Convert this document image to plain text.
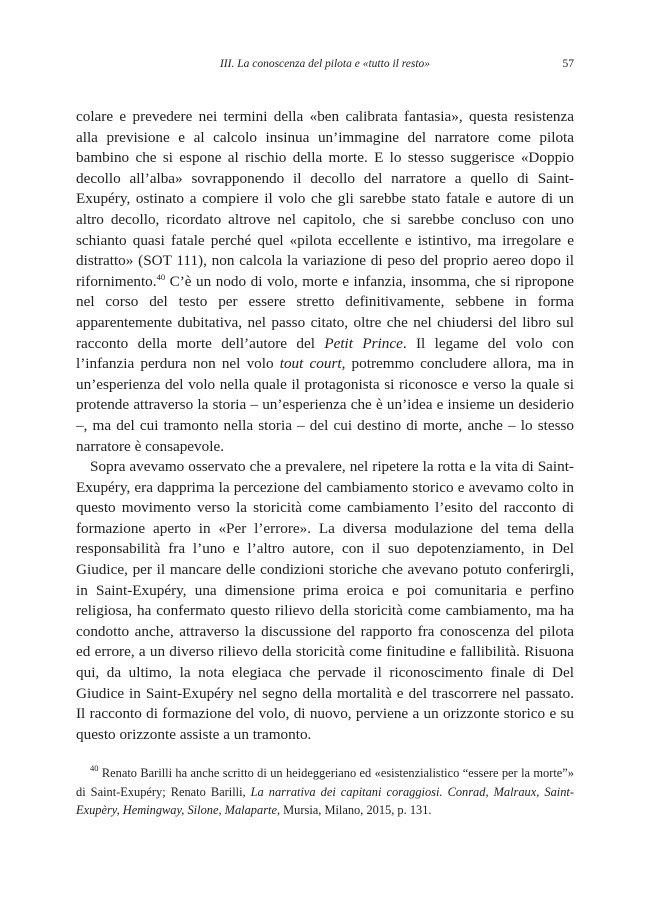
III. La conoscenza del pilota e «tutto il resto»	57

colare e prevedere nei termini della «ben calibrata fantasia», questa resistenza alla previsione e al calcolo insinua un’immagine del narratore come pilota bambino che si espone al rischio della morte. E lo stesso suggerisce «Doppio decollo all’alba» sovrapponendo il decollo del narratore a quello di Saint-Exupéry, ostinato a compiere il volo che gli sarebbe stato fatale e autore di un altro decollo, ricordato altrove nel capitolo, che si sarebbe concluso con uno schianto quasi fatale perché quel «pilota eccellente e istintivo, ma irregolare e distratto» (SOT 111), non calcola la variazione di peso del proprio aereo dopo il rifornimento.$^{40}$ C’è un nodo di volo, morte e infanzia, insomma, che si ripropone nel corso del testo per essere stretto definitivamente, sebbene in forma apparentemente dubitativa, nel passo citato, oltre che nel chiudersi del libro sul racconto della morte dell’autore del Petit Prince. Il legame del volo con l’infanzia perdura non nel volo tout court, potremmo concludere allora, ma in un’esperienza del volo nella quale il protagonista si riconosce e verso la quale si protende attraverso la storia – un’esperienza che è un’idea e insieme un desiderio –, ma del cui tramonto nella storia – del cui destino di morte, anche – lo stesso narratore è consapevole.

Sopra avevamo osservato che a prevalere, nel ripetere la rotta e la vita di Saint-Exupéry, era dapprima la percezione del cambiamento storico e avevamo colto in questo movimento verso la storicità come cambiamento l’esito del racconto di formazione aperto in «Per l’errore». La diversa modulazione del tema della responsabilità fra l’uno e l’altro autore, con il suo depotenziamento, in Del Giudice, per il mancare delle condizioni storiche che avevano potuto conferirgli, in Saint-Exupéry, una dimensione prima eroica e poi comunitaria e perfino religiosa, ha confermato questo rilievo della storicità come cambiamento, ma ha condotto anche, attraverso la discussione del rapporto fra conoscenza del pilota ed errore, a un diverso rilievo della storicità come finitudine e fallibilità. Risuona qui, da ultimo, la nota elegiaca che pervade il riconoscimento finale di Del Giudice in Saint-Exupéry nel segno della mortalità e del trascorrere nel passato. Il racconto di formazione del volo, di nuovo, perviene a un orizzonte storico e su questo orizzonte assiste a un tramonto.

$^{40}$ Renato Barilli ha anche scritto di un heideggeriano ed «esistenzialistico “essere per la morte”» di Saint-Exupéry; Renato Barilli, La narrativa dei capitani coraggiosi. Conrad, Malraux, Saint-Exupèry, Hemingway, Silone, Malaparte, Mursia, Milano, 2015, p. 131.
